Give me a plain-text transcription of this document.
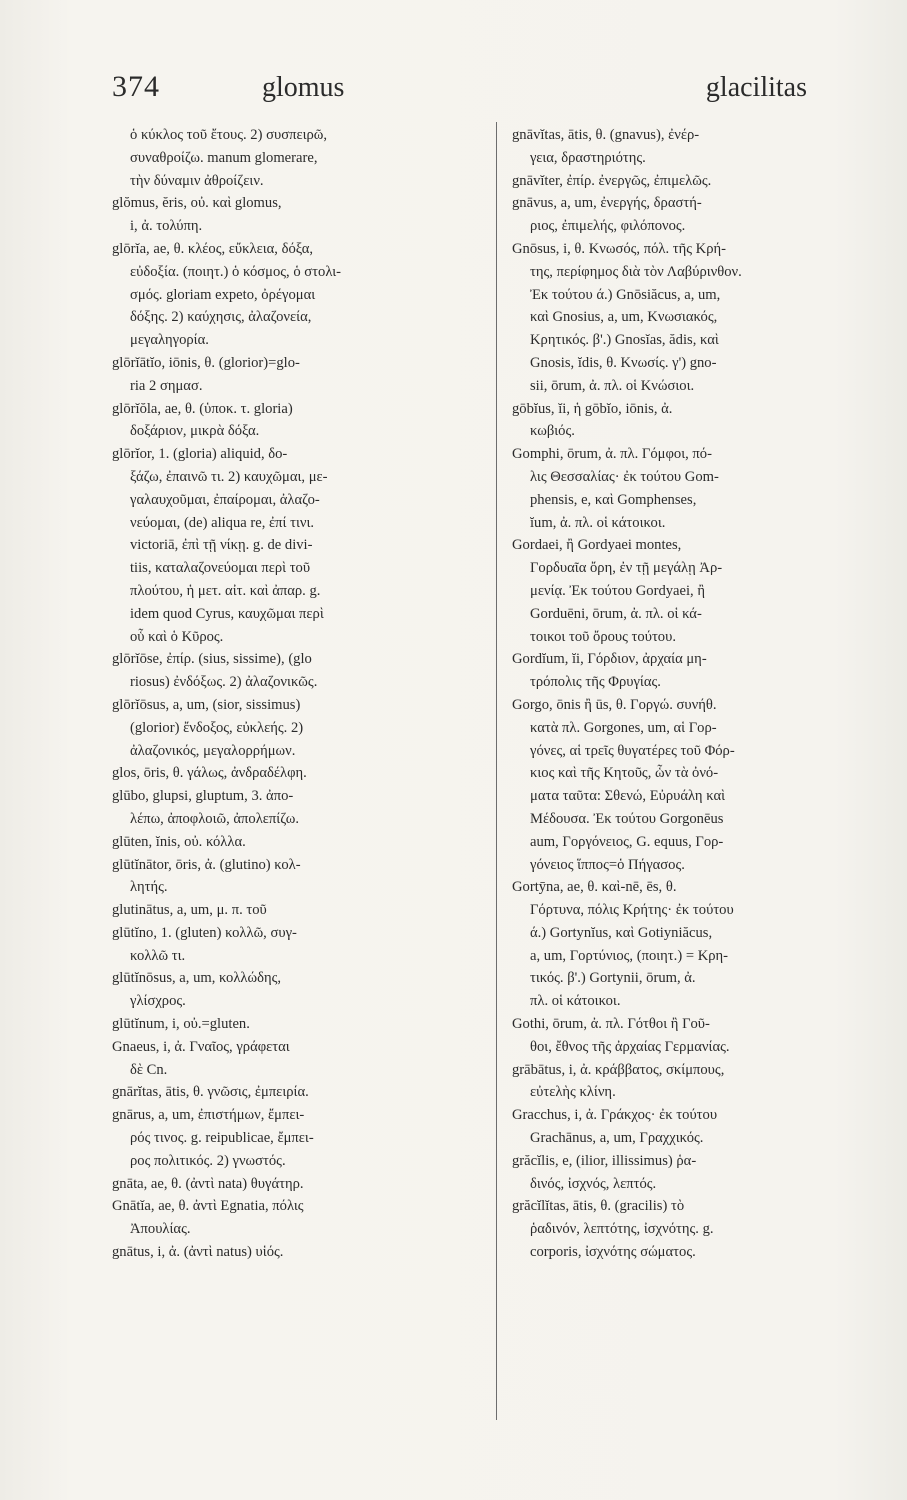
374	glomus	glacilitas
ὁ κύκλος τοῦ ἔτους. 2) συσπειρῶ,
συναθροίζω. manum glomerare,
τὴν δύναμιν ἀθροίζειν.
glŏmus, ĕris, οὐ. καὶ glomus,
i, ἀ. τολύπη.
glōrĭa, ae, θ. κλέος, εὔκλεια, δόξα,
εὐδοξία. (ποιητ.) ὁ κόσμος, ὁ στολι-
σμός. gloriam expeto, ὀρέγομαι
δόξης. 2) καύχησις, ἀλαζονεία,
μεγαληγορία.
glōrĭātĭo, iōnis, θ. (glorior)=glo-
ria 2 σημασ.
glōrĭŏla, ae, θ. (ὑποκ. τ. gloria)
δοξάριον, μικρὰ δόξα.
glōrĭor, 1. (gloria) aliquid, δο-
ξάζω, ἐπαινῶ τι. 2) καυχῶμαι, με-
γαλαυχοῦμαι, ἐπαίρομαι, ἀλαζο-
νεύομαι, (de) aliqua re, ἐπί τινι.
victoriā, ἐπὶ τῇ νίκῃ. g. de divi-
tiis, καταλαζονεύομαι περὶ τοῦ
πλούτου, ἡ μετ. αἰτ. καὶ ἀπαρ. g.
idem quod Cyrus, καυχῶμαι περὶ
οὗ καὶ ὁ Κῦρος.
glōrĭōse, ἐπίρ. (sius, sissime), (glo
riosus) ἐνδόξως. 2) ἀλαζονικῶς.
glōrĭōsus, a, um, (sior, sissimus)
(glorior) ἔνδοξος, εὐκλεής. 2)
ἀλαζονικός, μεγαλορρήμων.
glos, ōris, θ. γάλως, ἀνδραδέλφη.
glūbo, glupsi, gluptum, 3. ἀπο-
λέπω, ἀποφλοιῶ, ἀπολεπίζω.
glūten, ĭnis, οὐ. κόλλα.
glūtĭnātor, ōris, ἀ. (glutino) κολ-
λητής.
glutinātus, a, um, μ. π. τοῦ
glūtĭno, 1. (gluten) κολλῶ, συγ-
κολλῶ τι.
glūtĭnōsus, a, um, κολλώδης,
γλίσχρος.
glūtĭnum, i, οὐ.=gluten.
Gnaeus, i, ἀ. Γναῖος, γράφεται
δὲ Cn.
gnārĭtas, ātis, θ. γνῶσις, ἐμπειρία.
gnārus, a, um, ἐπιστήμων, ἔμπει-
ρός τινος. g. reipublicae, ἔμπει-
ρος πολιτικός. 2) γνωστός.
gnāta, ae, θ. (ἀντὶ nata) θυγάτηρ.
Gnātĭa, ae, θ. ἀντὶ Egnatia, πόλις
Ἀπουλίας.
gnātus, i, ἀ. (ἀντὶ natus) υἱός.
gnāvĭtas, ātis, θ. (gnavus), ἐνέρ-
γεια, δραστηριότης.
gnāvĭter, ἐπίρ. ἐνεργῶς, ἐπιμελῶς.
gnāvus, a, um, ἐνεργής, δραστή-
ριος, ἐπιμελής, φιλόπονος.
Gnōsus, i, θ. Κνωσός, πόλ. τῆς Κρή-
της, περίφημος διὰ τὸν Λαβύρινθον.
Ἐκ τούτου ά.) Gnōsiăcus, a, um,
καὶ Gnosius, a, um, Κνωσιακός,
Κρητικός. β'.) Gnosĭas, ădis, καὶ
Gnosis, ĭdis, θ. Κνωσίς. γ') gno-
sii, ōrum, ἀ. πλ. οἱ Κνώσιοι.
gōbĭus, ĭi, ἡ gōbĭo, iōnis, ἀ.
κωβιός.
Gomphi, ōrum, ἀ. πλ. Γόμφοι, πό-
λις Θεσσαλίας· ἐκ τούτου Gom-
phensis, e, καὶ Gomphenses,
ĭum, ἀ. πλ. οἱ κάτοικοι.
Gordaei, ἢ Gordyaei montes,
Γορδυαῖα ὄρη, ἐν τῇ μεγάλῃ Ἀρ-
μενίᾳ. Ἐκ τούτου Gordyaei, ἢ
Gorduēni, ōrum, ἀ. πλ. οἱ κά-
τοικοι τοῦ ὄρους τούτου.
Gordĭum, ĭi, Γόρδιον, ἀρχαία μη-
τρόπολις τῆς Φρυγίας.
Gorgo, ōnis ἢ ūs, θ. Γοργώ. συνήθ.
κατὰ πλ. Gorgones, um, αἱ Γορ-
γόνες, αἱ τρεῖς θυγατέρες τοῦ Φόρ-
κιος καὶ τῆς Κητοῦς, ὧν τὰ ὀνό-
ματα ταῦτα: Σθενώ, Εὐρυάλη καὶ
Μέδουσα. Ἐκ τούτου Gorgonēus
aum, Γοργόνειος, G. equus, Γορ-
γόνειος ἵππος=ὁ Πήγασος.
Gortȳna, ae, θ. καὶ-nē, ēs, θ.
Γόρτυνα, πόλις Κρήτης· ἐκ τούτου
ά.) Gortynĭus, καὶ Gotiyniăcus,
a, um, Γορτύνιος, (ποιητ.) = Κρη-
τικός. β'.) Gortynii, ōrum, ἀ.
πλ. οἱ κάτοικοι.
Gothi, ōrum, ἀ. πλ. Γότθοι ἢ Γοῦ-
θοι, ἔθνος τῆς ἀρχαίας Γερμανίας.
grābātus, i, ἀ. κράββατος, σκίμπους,
εὐτελὴς κλίνη.
Gracchus, i, ἀ. Γράκχος· ἐκ τούτου
Grachānus, a, um, Γραχχικός.
grăcĭlis, e, (ilior, illissimus) ῥα-
δινός, ἰσχνός, λεπτός.
grăcĭlĭtas, ātis, θ. (gracilis) τὸ
ῥαδινόν, λεπτότης, ἰσχνότης. g.
corporis, ἰσχνότης σώματος.
